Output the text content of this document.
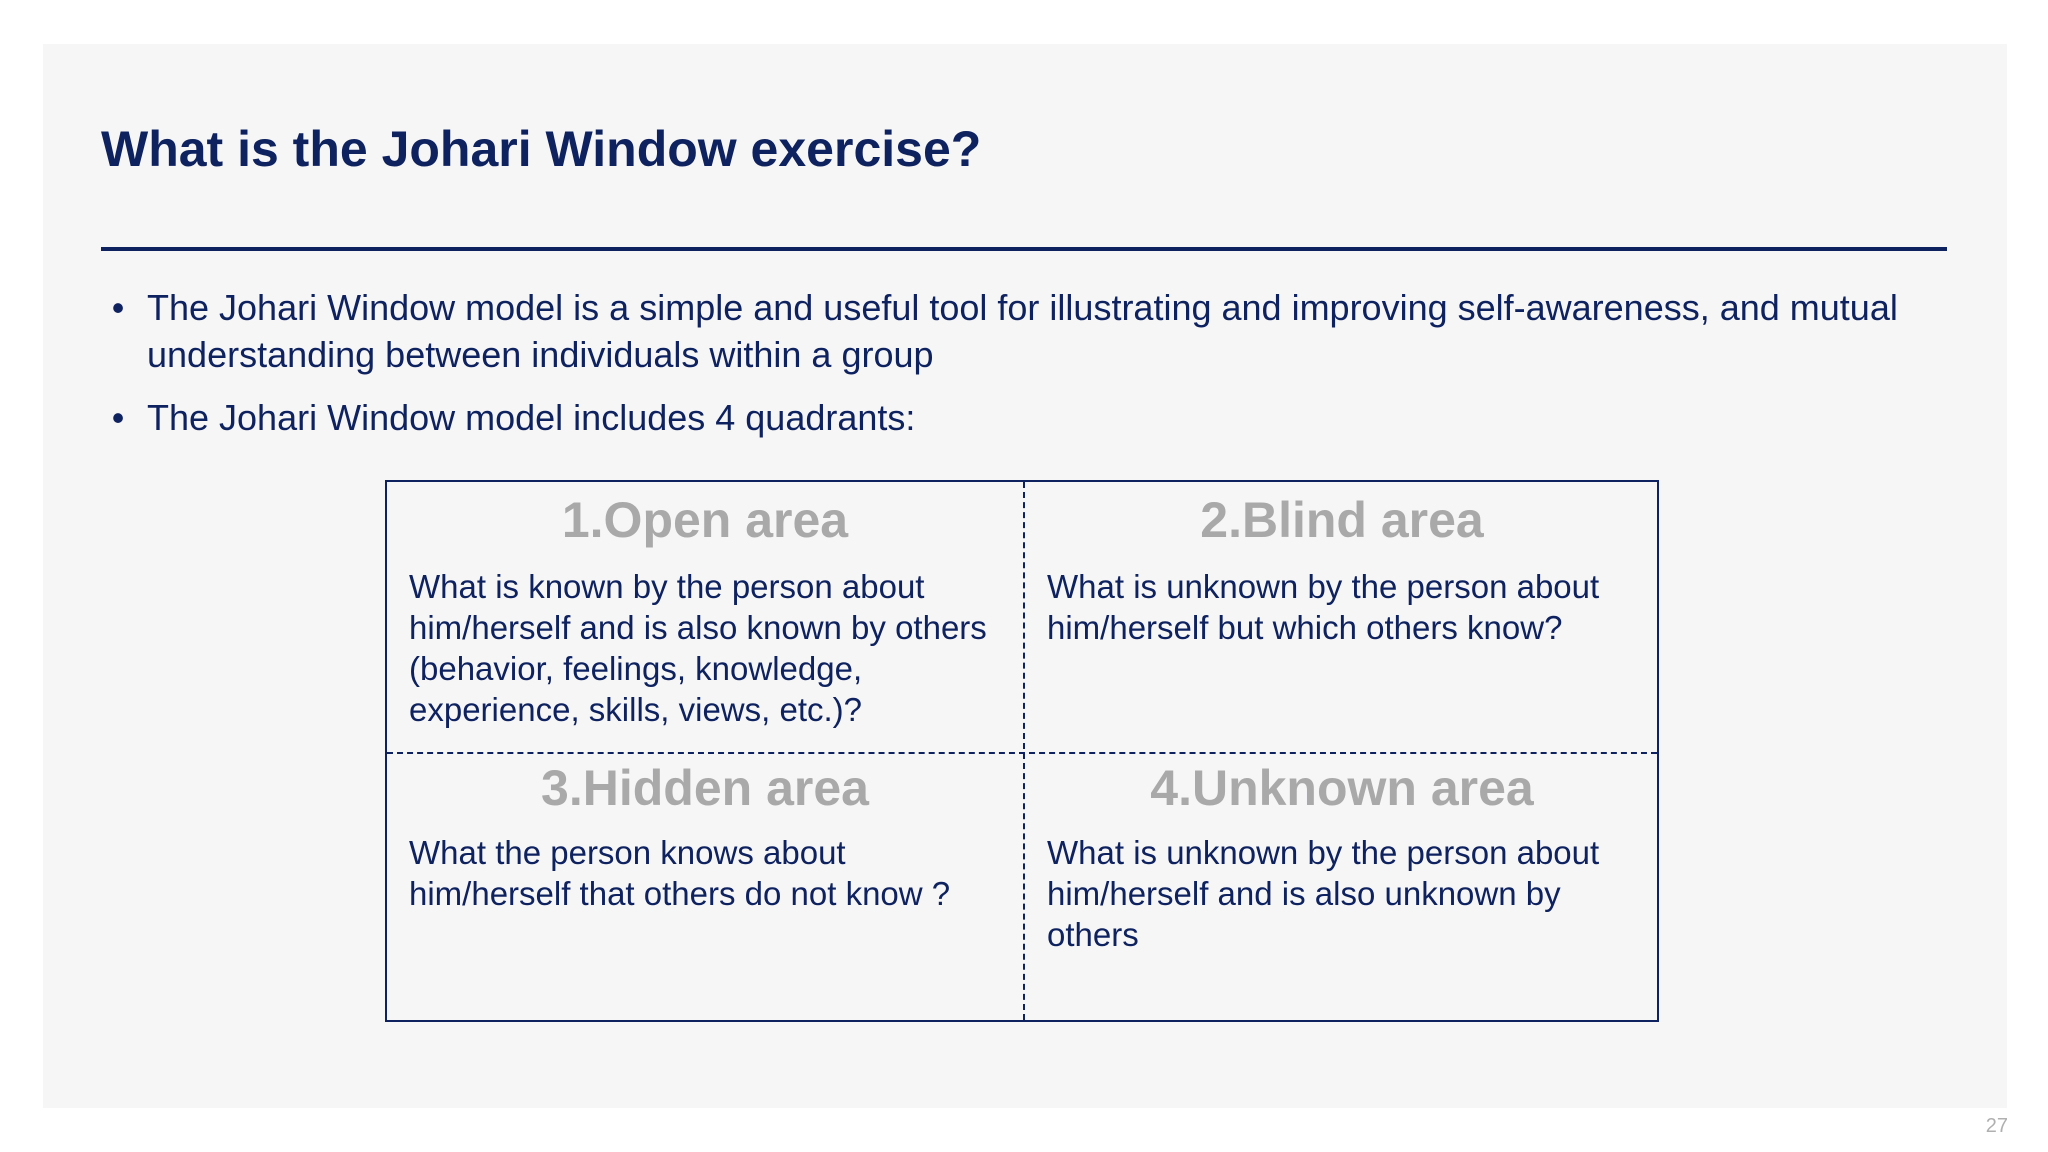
What is the Johari Window exercise?
• The Johari Window model is a simple and useful tool for illustrating and improving self-awareness, and mutual understanding between individuals within a group
• The Johari Window model includes 4 quadrants:
1.Open area
What is known by the person about him/herself and is also known by others (behavior, feelings, knowledge, experience, skills, views, etc.)?
2.Blind area
What is unknown by the person about him/herself but which others know?
3.Hidden area
What the person knows about him/herself that others do not know ?
4.Unknown area
What is unknown by the person about him/herself and is also unknown by others
27
